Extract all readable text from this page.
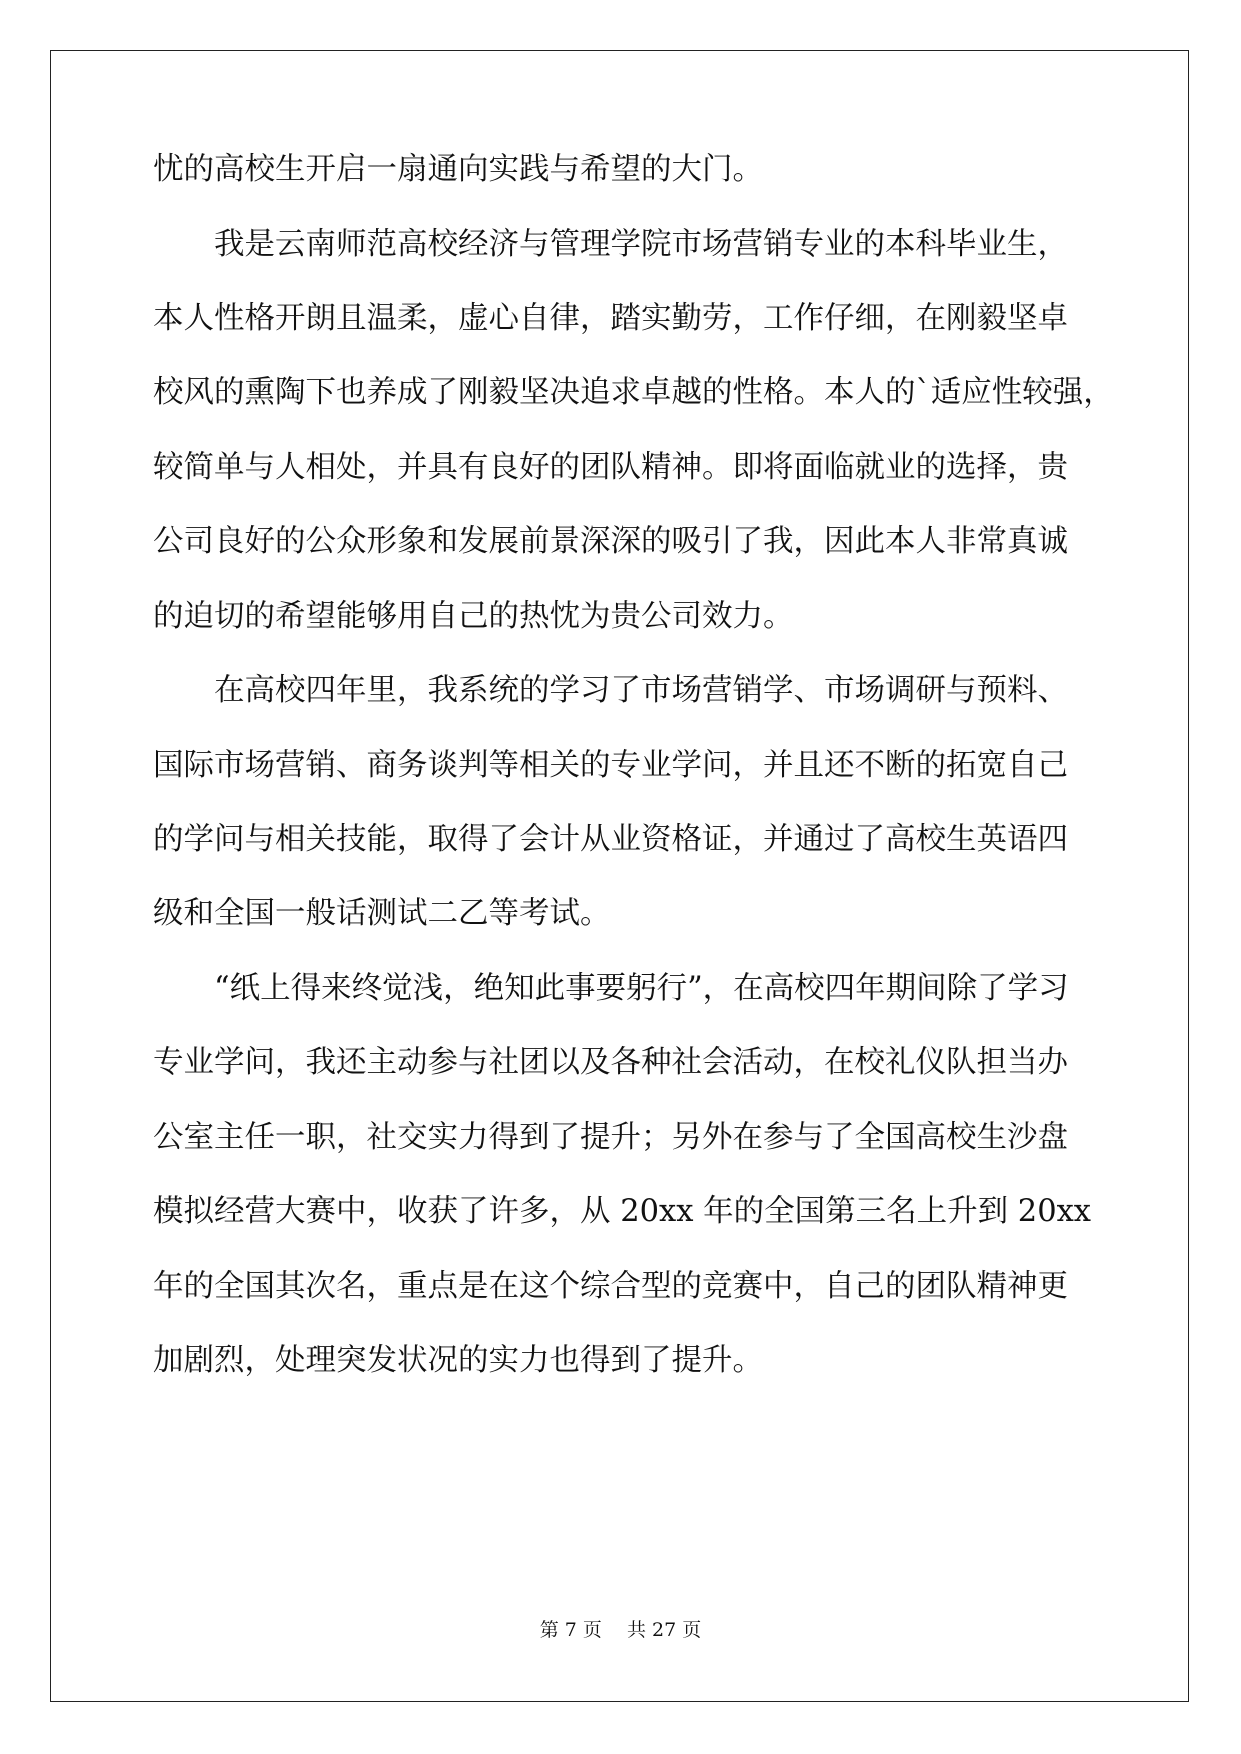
忧的高校生开启一扇通向实践与希望的大门。
　　我是云南师范高校经济与管理学院市场营销专业的本科毕业生，
本人性格开朗且温柔，虚心自律，踏实勤劳，工作仔细，在刚毅坚卓
校风的熏陶下也养成了刚毅坚决追求卓越的性格。本人的`适应性较强，
较简单与人相处，并具有良好的团队精神。即将面临就业的选择，贵
公司良好的公众形象和发展前景深深的吸引了我，因此本人非常真诚
的迫切的希望能够用自己的热忱为贵公司效力。
　　在高校四年里，我系统的学习了市场营销学、市场调研与预料、
国际市场营销、商务谈判等相关的专业学问，并且还不断的拓宽自己
的学问与相关技能，取得了会计从业资格证，并通过了高校生英语四
级和全国一般话测试二乙等考试。
　　“纸上得来终觉浅，绝知此事要躬行”，在高校四年期间除了学习
专业学问，我还主动参与社团以及各种社会活动，在校礼仪队担当办
公室主任一职，社交实力得到了提升；另外在参与了全国高校生沙盘
模拟经营大赛中，收获了许多，从 20xx 年的全国第三名上升到 20xx
年的全国其次名，重点是在这个综合型的竞赛中，自己的团队精神更
加剧烈，处理突发状况的实力也得到了提升。
第 7 页　 共 27 页
